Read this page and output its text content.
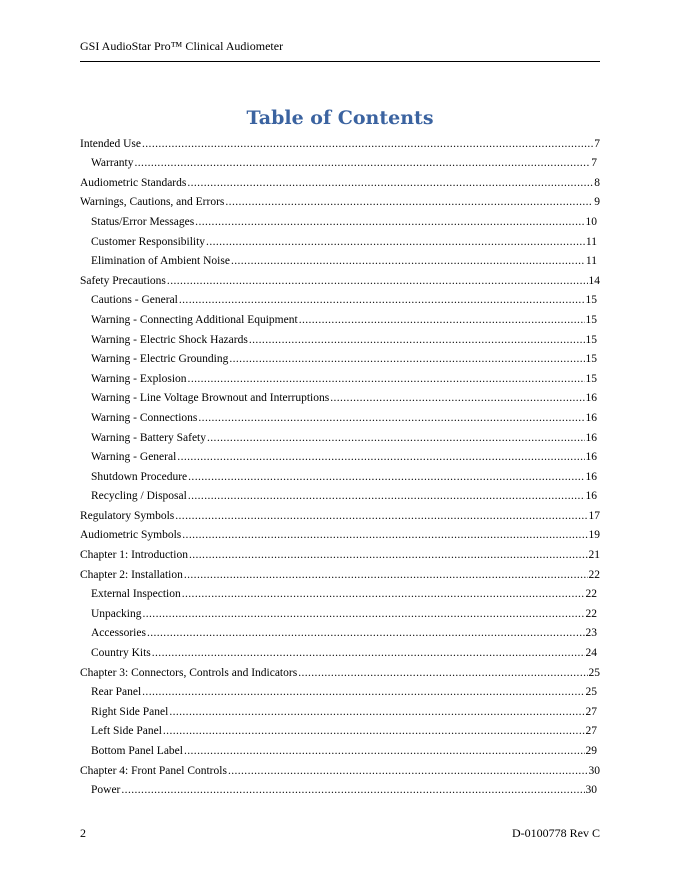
GSI AudioStar Pro™ Clinical Audiometer
Table of Contents
Intended Use .....	7
Warranty .....	7
Audiometric Standards .....	8
Warnings, Cautions, and Errors .....	9
Status/Error Messages .....	10
Customer Responsibility .....	11
Elimination of Ambient Noise .....	11
Safety Precautions .....	14
Cautions - General .....	15
Warning - Connecting Additional Equipment .....	15
Warning - Electric Shock Hazards .....	15
Warning - Electric Grounding .....	15
Warning - Explosion .....	15
Warning - Line Voltage Brownout and Interruptions .....	16
Warning - Connections .....	16
Warning - Battery Safety .....	16
Warning - General .....	16
Shutdown Procedure .....	16
Recycling / Disposal .....	16
Regulatory Symbols .....	17
Audiometric Symbols .....	19
Chapter 1: Introduction .....	21
Chapter 2: Installation .....	22
External Inspection .....	22
Unpacking .....	22
Accessories .....	23
Country Kits .....	24
Chapter 3: Connectors, Controls and Indicators .....	25
Rear Panel .....	25
Right Side Panel .....	27
Left Side Panel .....	27
Bottom Panel Label .....	29
Chapter 4: Front Panel Controls .....	30
Power .....	30
2	D-0100778 Rev C
